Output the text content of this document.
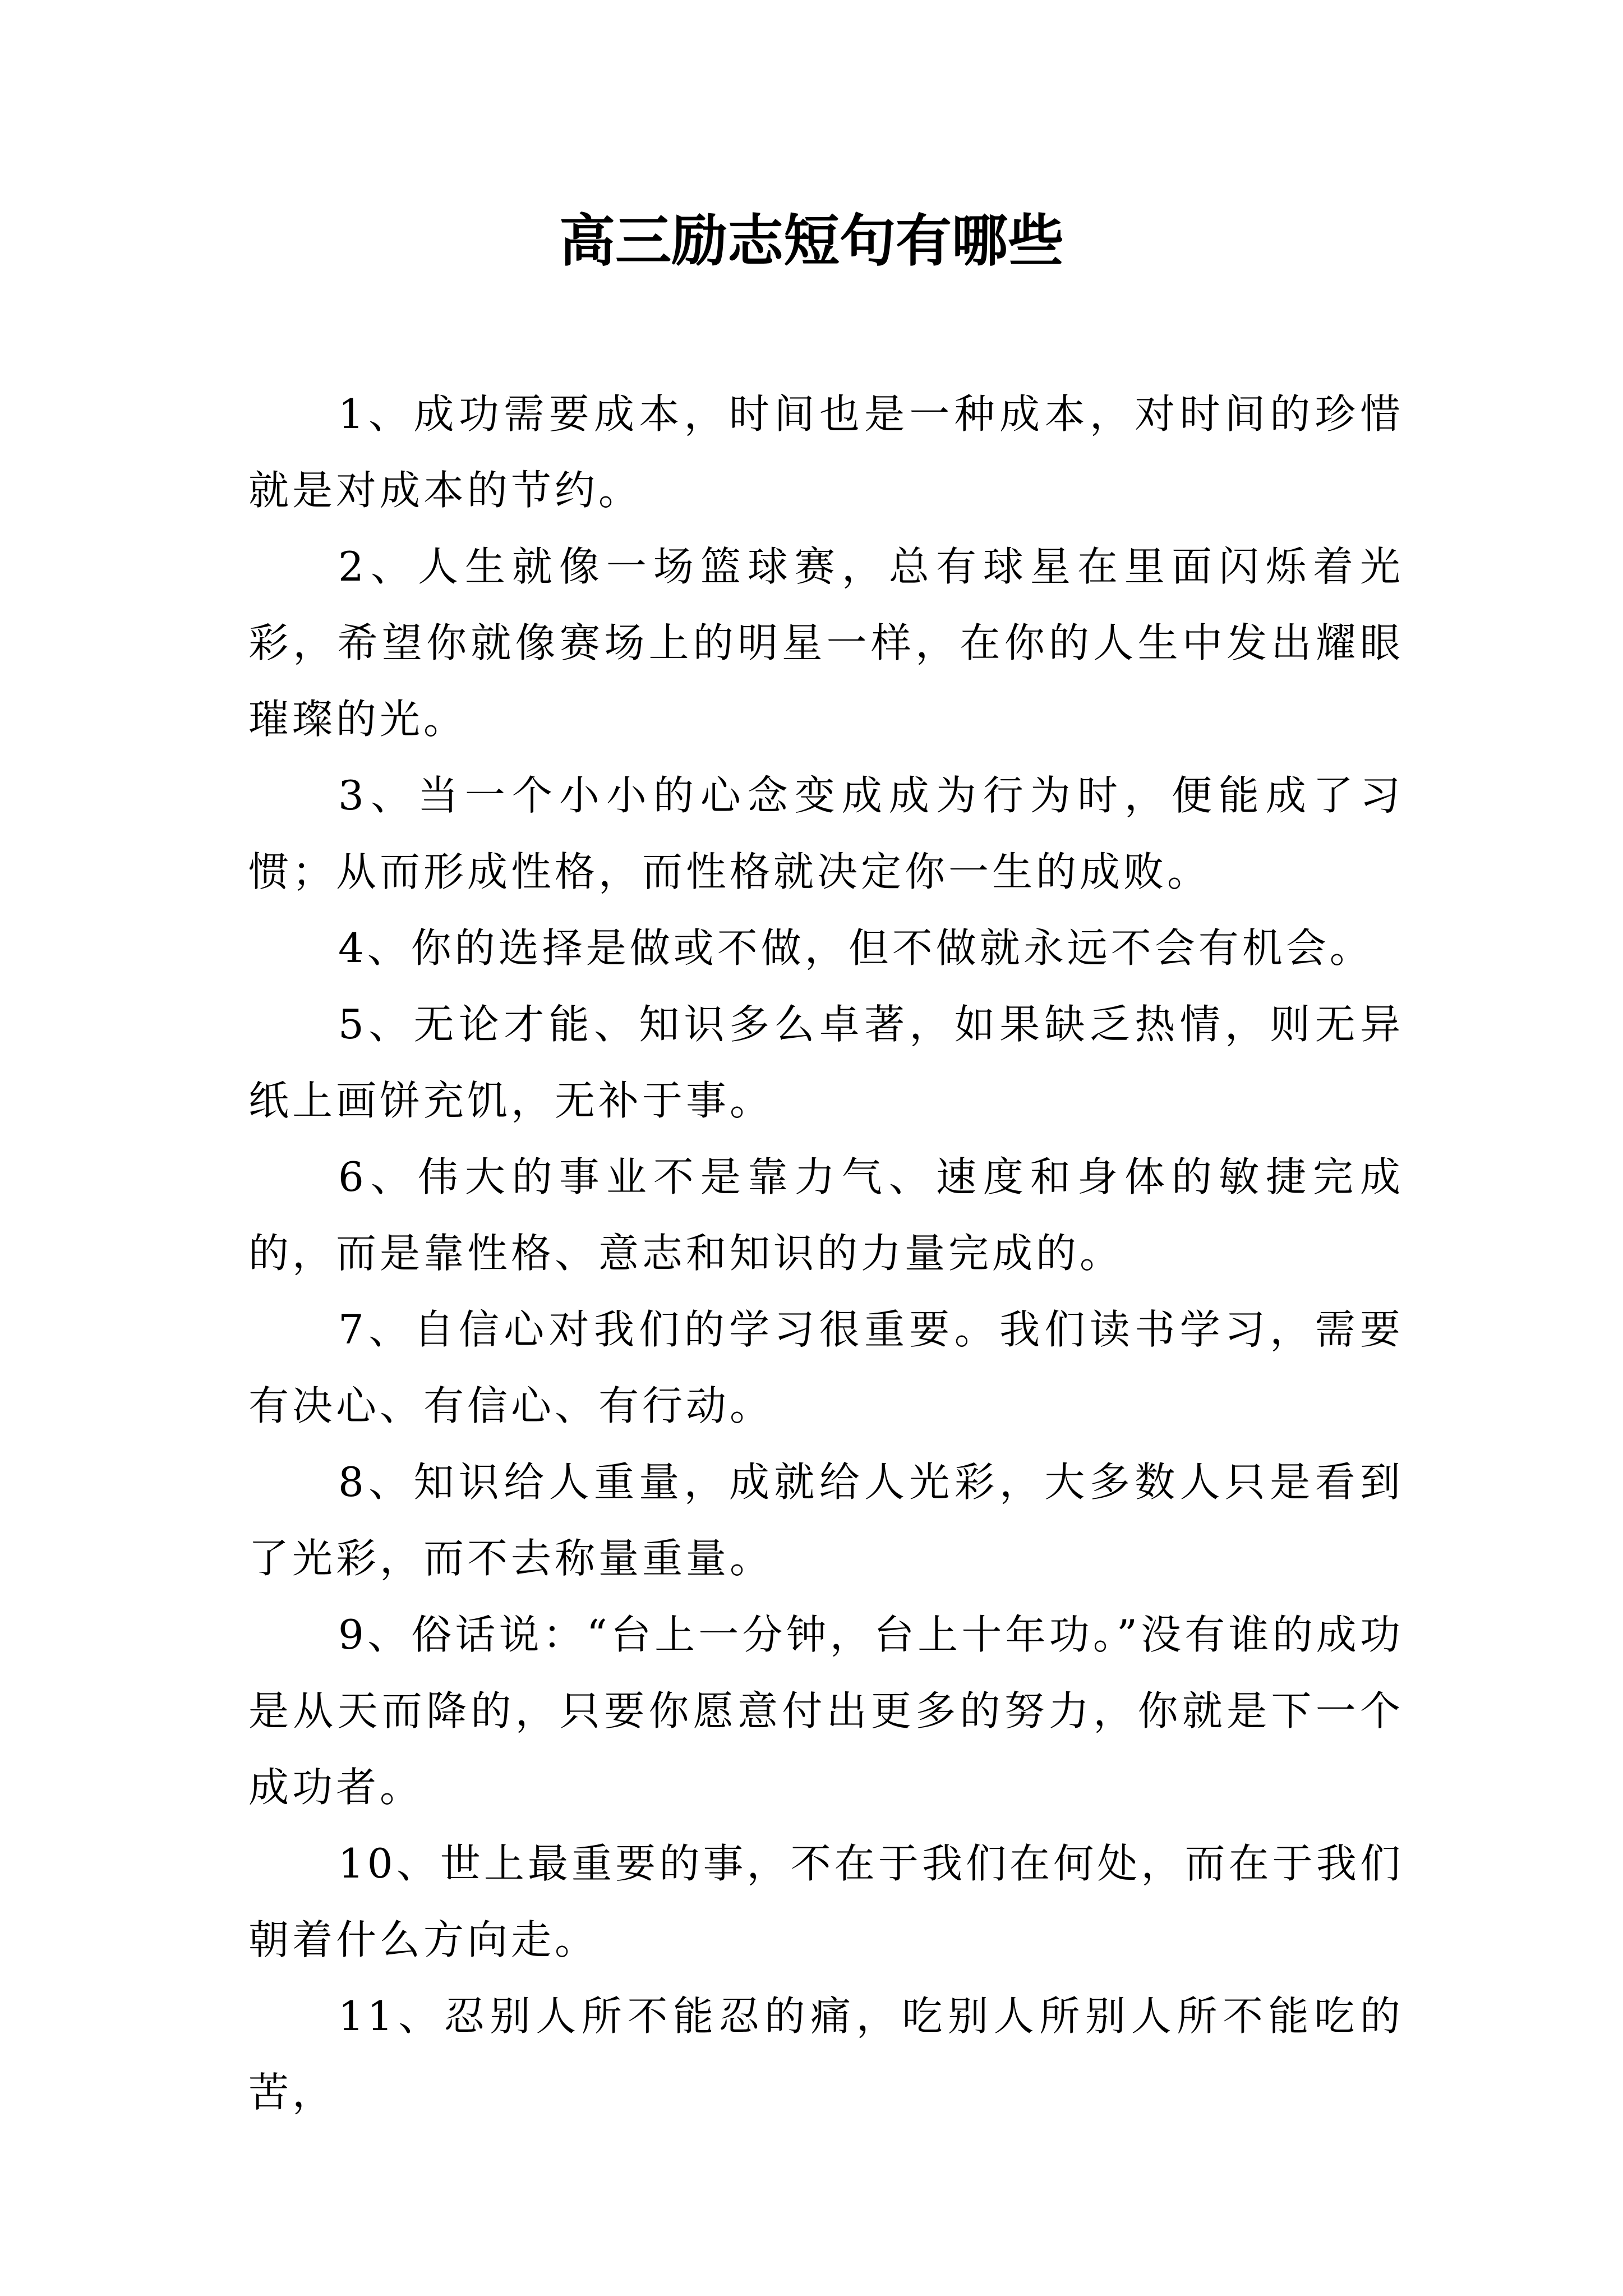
高三励志短句有哪些

1、成功需要成本，时间也是一种成本，对时间的珍惜就是对成本的节约。

2、人生就像一场篮球赛，总有球星在里面闪烁着光彩，希望你就像赛场上的明星一样，在你的人生中发出耀眼璀璨的光。

3、当一个小小的心念变成成为行为时，便能成了习惯；从而形成性格，而性格就决定你一生的成败。

4、你的选择是做或不做，但不做就永远不会有机会。

5、无论才能、知识多么卓著，如果缺乏热情，则无异纸上画饼充饥，无补于事。

6、伟大的事业不是靠力气、速度和身体的敏捷完成的，而是靠性格、意志和知识的力量完成的。

7、自信心对我们的学习很重要。我们读书学习，需要有决心、有信心、有行动。

8、知识给人重量，成就给人光彩，大多数人只是看到了光彩，而不去称量重量。

9、俗话说：“台上一分钟，台上十年功。”没有谁的成功是从天而降的，只要你愿意付出更多的努力，你就是下一个成功者。

10、世上最重要的事，不在于我们在何处，而在于我们朝着什么方向走。

11、忍别人所不能忍的痛，吃别人所别人所不能吃的苦，
